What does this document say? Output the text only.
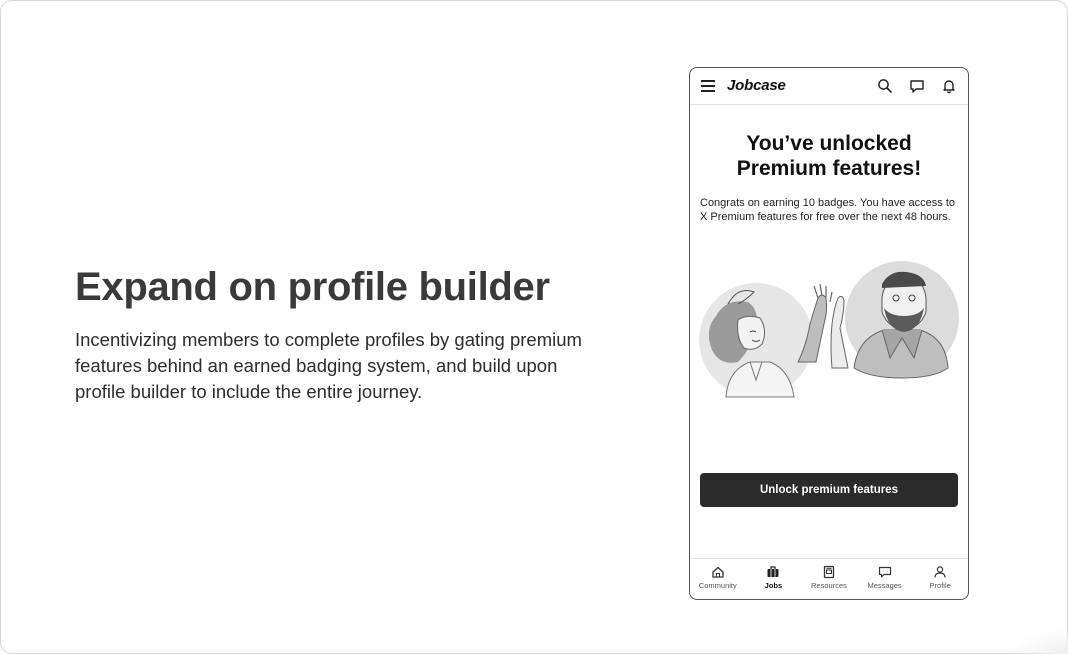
Expand on profile builder

Incentivizing members to complete profiles by gating premium features behind an earned badging system, and build upon profile builder to include the entire journey.

Jobcase
You’ve unlocked
Premium features!

Congrats on earning 10 badges. You have access to X Premium features for free over the next 48 hours.

Unlock premium features
Community	Jobs	Resources	Messages	Profile
